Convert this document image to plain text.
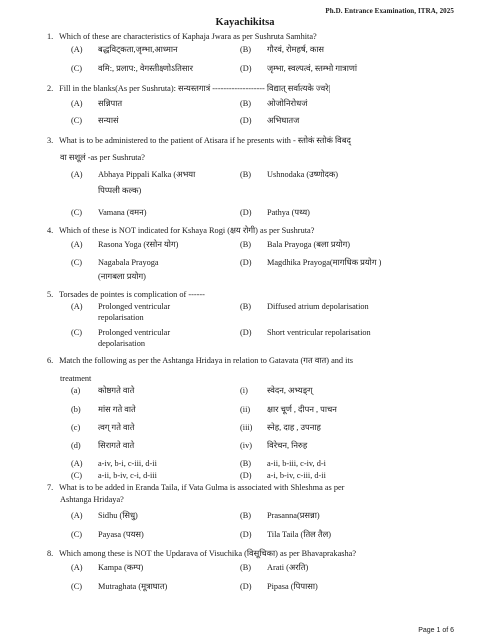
Ph.D. Entrance Examination, ITRA, 2025
Kayachikitsa
1. Which of these are characteristics of Kaphaja Jwara as per Sushruta Samhita?
(A)	बद्धविट्कता,जृम्भा,आध्मान	(B)	गौरवं, रोमहर्ष, कास
(C)	वमि:, प्रलाप:, वेगस्तीक्ष्णोऽतिसार	(D)	जृम्भा, स्वल्पत्वं, स्तम्भो गात्राणां
2. Fill in the blanks(As per Sushruta): सन्यस्तगात्रं ------------------- विद्यात् सर्वात्यके ज्वरे|
(A)	सन्निपात	(B)	ओजोनिरोधजं
(C)	सन्यासं	(D)	अभिघातज
3. What is to be administered to the patient of Atisara if he presents with - स्तोकं स्तोकं विबद्
वा सशूलं -as per Sushruta?
(A)	Abhaya Pippali Kalka (अभया
पिप्पली कल्क)
(B)	Ushnodaka (उष्णोदक)
(C)	Vamana (वमन)	(D)	Pathya (पथ्य)
4. Which of these is NOT indicated for Kshaya Rogi (क्षय रोगी) as per Sushruta?
(A)	Rasona Yoga (रसोन योग)	(B)	Bala Prayoga (बला प्रयोग)
(C)	Nagabala Prayoga
(नागबला प्रयोग)
(D)	Magdhika Prayoga(मागधिक प्रयोग )
5. Torsades de pointes is complication of ------
(A)	Prolonged ventricular
repolarisation
(B)	Diffused atrium depolarisation
(C)	Prolonged ventricular
depolarisation
(D)	Short ventricular repolarisation
6. Match the following as per the Ashtanga Hridaya in relation to Gatavata (गत वात) and its
treatment
(a)	कोष्ठगते वाते	(i)	स्वेदन, अभ्यङ्ग्
(b)	मांस गते वाते	(ii)	क्षार चूर्ण , दीपन , पाचन
(c)	त्वग् गते वाते	(iii)	स्नेह, दाह , उपनाह
(d)	सिरागते वाते	(iv)	विरेचन, निरुह
(A)	a-iv, b-i, c-iii, d-ii	(B)	a-ii, b-iii, c-iv, d-i
(C)	a-ii, b-iv, c-i, d-iii	(D)	a-i, b-iv, c-iii, d-ii
7. What is to be added in Eranda Taila, if Vata Gulma is associated with Shleshma as per
Ashtanga Hridaya?
(A)	Sidhu (सिधु)	(B)	Prasanna(प्रसन्ना)
(C)	Payasa (पयस)	(D)	Tila Taila (तिल तैल)
8. Which among these is NOT the Updarava of Visuchika (विसूचिका) as per Bhavaprakasha?
(A)	Kampa (कम्प)	(B)	Arati (अरति)
(C)	Mutraghata (मूत्राघात)	(D)	Pipasa (पिपासा)
Page 1 of 6
